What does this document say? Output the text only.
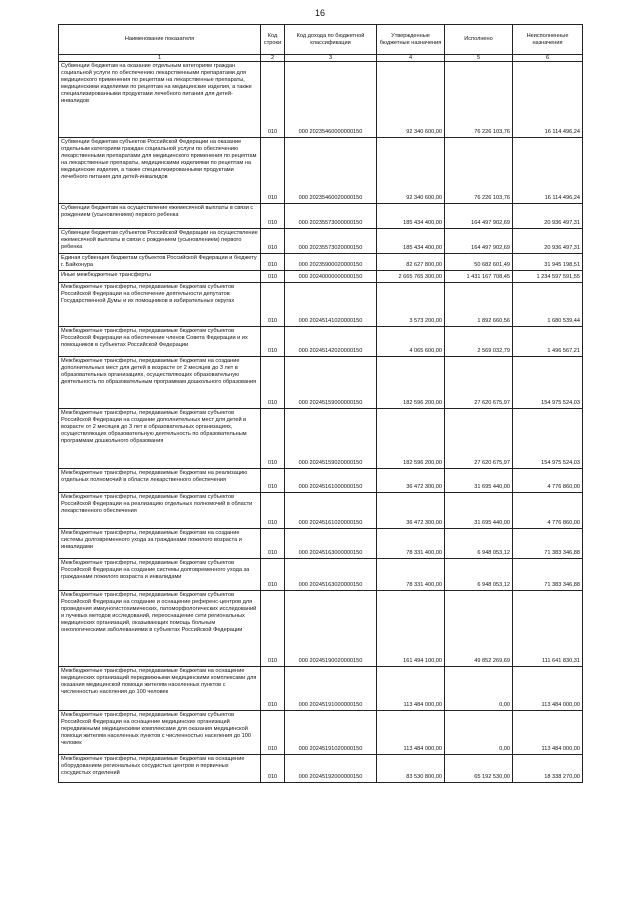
16
Наименование показателя	Код строки	Код дохода по бюджетной классификации	Утвержденные бюджетные назначения	Исполнено	Неисполненные назначения
1	2	3	4	5	6
Субвенции бюджетам на оказание отдельным категориям граждан социальной услуги по обеспечению лекарственными препаратами для медицинского применения по рецептам на лекарственные препараты, медицинскими изделиями по рецептам на медицинские изделия, а также специализированными продуктами лечебного питания для детей-инвалидов	010	000 20235460000000150	92 340 600,00	76 226 103,76	16 114 496,24
Субвенции бюджетам субъектов Российской Федерации на оказание отдельным категориям граждан социальной услуги по обеспечению лекарственными препаратами для медицинского применения по рецептам на лекарственные препараты, медицинскими изделиями по рецептам на медицинские изделия, а также специализированными продуктами лечебного питания для детей-инвалидов	010	000 20235460020000150	92 340 600,00	76 226 103,76	16 114 496,24
Субвенции бюджетам на осуществление ежемесячной выплаты в связи с рождением (усыновлением) первого ребенка	010	000 20235573000000150	185 434 400,00	164 497 902,69	20 936 497,31
Субвенции бюджетам субъектов Российской Федерации на осуществление ежемесячной выплаты в связи с рождением (усыновлением) первого ребенка	010	000 20235573020000150	185 434 400,00	164 497 902,69	20 936 497,31
Единая субвенция бюджетам субъектов Российской Федерации и бюджету г. Байконура	010	000 20235900020000150	82 627 800,00	50 682 601,49	31 945 198,51
Иные межбюджетные трансферты	010	000 20240000000000150	2 665 765 300,00	1 431 167 708,45	1 234 597 591,55
Межбюджетные трансферты, передаваемые бюджетам субъектов Российской Федерации на обеспечение деятельности депутатов Государственной Думы и их помощников в избирательных округах	010	000 20245141020000150	3 573 200,00	1 892 660,56	1 680 539,44
Межбюджетные трансферты, передаваемые бюджетам субъектов Российской Федерации на обеспечение членов Совета Федерации и их помощников в субъектах Российской Федерации	010	000 20245142020000150	4 065 600,00	2 569 032,79	1 496 567,21
Межбюджетные трансферты, передаваемые бюджетам на создание дополнительных мест для детей в возрасте от 2 месяцев до 3 лет в образовательных организациях, осуществляющих образовательную деятельность по образовательным программам дошкольного образования	010	000 20245159000000150	182 596 200,00	27 620 675,97	154 975 524,03
Межбюджетные трансферты, передаваемые бюджетам субъектов Российской Федерации на создание дополнительных мест для детей в возрасте от 2 месяцев до 3 лет в образовательных организациях, осуществляющих образовательную деятельность по образовательным программам дошкольного образования	010	000 20245159020000150	182 596 200,00	27 620 675,97	154 975 524,03
Межбюджетные трансферты, передаваемые бюджетам на реализацию отдельных полномочий в области лекарственного обеспечения	010	000 20245161000000150	36 472 300,00	31 695 440,00	4 776 860,00
Межбюджетные трансферты, передаваемые бюджетам субъектов Российской Федерации на реализацию отдельных полномочий в области лекарственного обеспечения	010	000 20245161020000150	36 472 300,00	31 695 440,00	4 776 860,00
Межбюджетные трансферты, передаваемые бюджетам на создание системы долговременного ухода за гражданами пожилого возраста и инвалидами	010	000 20245163000000150	78 331 400,00	6 948 053,12	71 383 346,88
Межбюджетные трансферты, передаваемые бюджетам субъектов Российской Федерации на создание системы долговременного ухода за гражданами пожилого возраста и инвалидами	010	000 20245163020000150	78 331 400,00	6 948 053,12	71 383 346,88
Межбюджетные трансферты, передаваемые бюджетам субъектов Российской Федерации на создание и оснащение референс-центров для проведения иммуногистохимических, патоморфологических исследований и лучевых методов исследований, переоснащение сети региональных медицинских организаций, оказывающих помощь больным онкологическими заболеваниями в субъектах Российской Федерации	010	000 20245190020000150	161 494 100,00	49 852 269,69	111 641 830,31
Межбюджетные трансферты, передаваемые бюджетам на оснащение медицинских организаций передвижными медицинскими комплексами для оказания медицинской помощи жителям населенных пунктов с численностью населения до 100 человек	010	000 20245191000000150	113 484 000,00	0,00	113 484 000,00
Межбюджетные трансферты, передаваемые бюджетам субъектов Российской Федерации на оснащение медицинских организаций передвижными медицинскими комплексами для оказания медицинской помощи жителям населенных пунктов с численностью населения до 100 человек	010	000 20245191020000150	113 484 000,00	0,00	113 484 000,00
Межбюджетные трансферты, передаваемые бюджетам на оснащение оборудованием региональных сосудистых центров и первичных сосудистых отделений	010	000 20245192000000150	83 530 800,00	65 192 530,00	18 338 270,00
